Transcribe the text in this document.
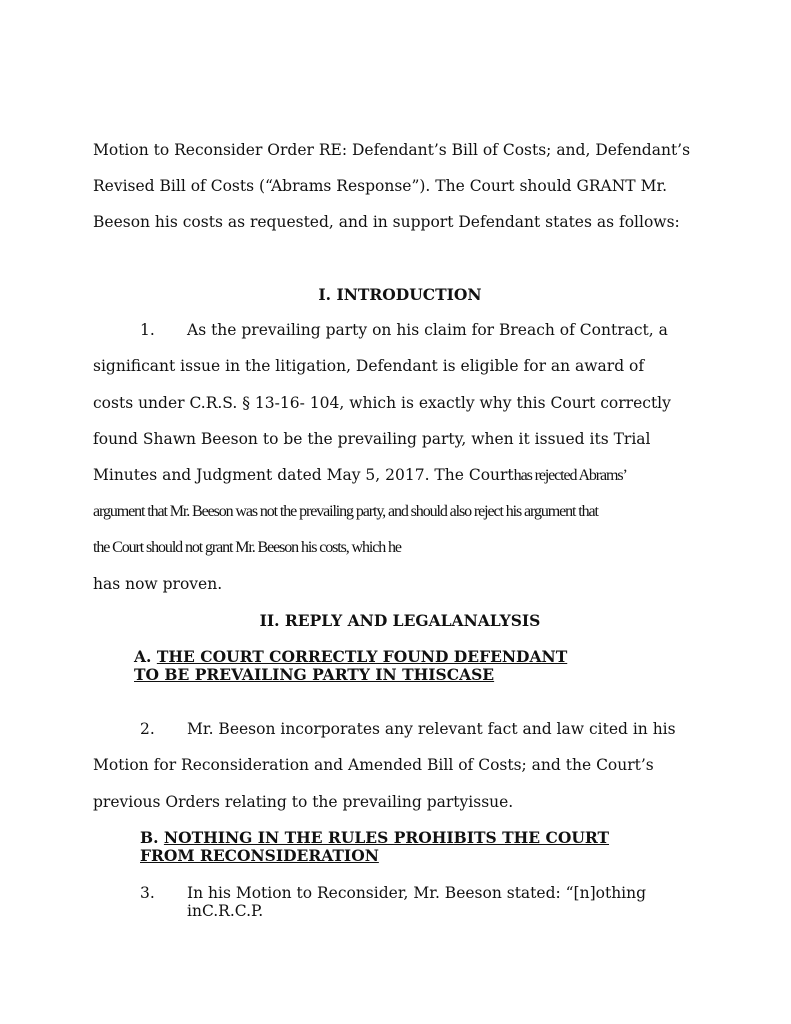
Motion to Reconsider Order RE: Defendant’s Bill of Costs; and, Defendant’s
Revised Bill of Costs (“Abrams Response”). The Court should GRANT Mr.
Beeson his costs as requested, and in support Defendant states as follows:
I. INTRODUCTION
1. As the prevailing party on his claim for Breach of Contract, a
significant issue in the litigation, Defendant is eligible for an award of
costs under C.R.S. § 13-16- 104, which is exactly why this Court correctly
found Shawn Beeson to be the prevailing party, when it issued its Trial
Minutes and Judgment dated May 5, 2017. The Courthas rejected Abrams’
argument that Mr. Beeson was not the prevailing party, and should also reject his argument that
the Court should not grant Mr. Beeson his costs, which he
has now proven.
II. REPLY AND LEGALANALYSIS
A. THE COURT CORRECTLY FOUND DEFENDANT
TO BE PREVAILING PARTY IN THISCASE
2. Mr. Beeson incorporates any relevant fact and law cited in his
Motion for Reconsideration and Amended Bill of Costs; and the Court’s
previous Orders relating to the prevailing partyissue.
B. NOTHING IN THE RULES PROHIBITS THE COURT
FROM RECONSIDERATION
3. In his Motion to Reconsider, Mr. Beeson stated: “[n]othing
inC.R.C.P.
